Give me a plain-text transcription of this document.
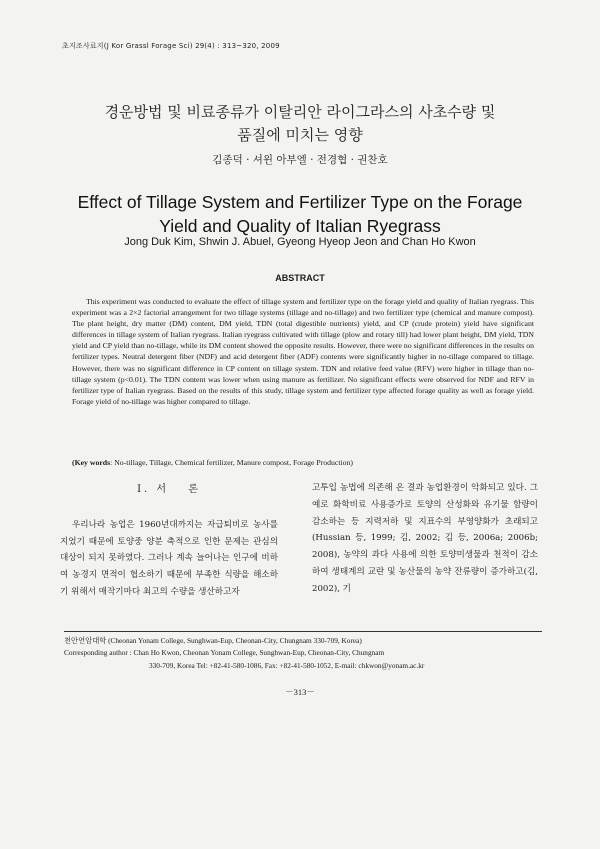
초지조사료지(J Kor Grassl Forage Sci) 29(4) : 313~320, 2009
경운방법 및 비료종류가 이탈리안 라이그라스의 사초수량 및
품질에 미치는 영향
김종덕 · 셔윈 아부엘 · 전경협 · 권찬호
Effect of Tillage System and Fertilizer Type on the Forage
Yield and Quality of Italian Ryegrass
Jong Duk Kim, Shwin J. Abuel, Gyeong Hyeop Jeon and Chan Ho Kwon
ABSTRACT

This experiment was conducted to evaluate the effect of tillage system and fertilizer type on the forage yield and quality of Italian ryegrass. This experiment was a 2×2 factorial arrangement for two tillage systems (tillage and no-tillage) and two fertilizer type (chemical and manure compost). The plant height, dry matter (DM) content, DM yield, TDN (total digestible nutrients) yield, and CP (crude protein) yield have significant differences in tillage system of Italian ryegrass. Italian ryegrass cultivated with tillage (plow and rotary till) had lower plant height, DM yield, TDN yield and CP yield than no-tillage, while its DM content showed the opposite results. However, there were no significant differences in the results on fertilizer types. Neutral detergent fiber (NDF) and acid detergent fiber (ADF) contents were significantly higher in no-tillage compared to tillage. However, there was no significant difference in CP content on tillage system. TDN and relative feed value (RFV) were higher in tillage than no-tillage system (p<0.01). The TDN content was lower when using manure as fertilizer. No significant effects were observed for NDF and RFV in fertilizer type of Italian ryegrass. Based on the results of this study, tillage system and fertilizer type affected forage quality as well as forage yield. Forage yield of no-tillage was higher compared to tillage.

(Key words: No-tillage, Tillage, Chemical fertilizer, Manure compost, Forage Production)
Ⅰ. 서　 론

우리나라 농업은 1960년대까지는 자급퇴비로 농사를 지었기 때문에 토양중 양분 축적으로 인한 문제는 관심의 대상이 되지 못하였다. 그러나 계속 늘어나는 인구에 비하여 농경지 면적이 협소하기 때문에 부족한 식량을 해소하기 위해서 매작기마다 최고의 수량을 생산하고자

고투입 농법에 의존해 온 결과 농업환경이 악화되고 있다. 그 예로 화학비료 사용증가로 토양의 산성화와 유기물 함량이 감소하는 등 지력저하 및 지표수의 부영양화가 초래되고 (Hussian 등, 1999; 김, 2002; 김 등, 2006a; 2006b; 2008), 농약의 과다 사용에 의한 토양미생물과 천적이 감소하여 생태계의 교란 및 농산물의 농약 잔류량이 증가하고(김, 2002), 기

천안연암대학 (Cheonan Yonam College, Sunghwan-Eup, Cheonan-City, Chungnam 330-709, Korea)
Corresponding author : Chan Ho Kwon, Cheonan Yonam College, Sunghwan-Eup, Cheonan-City, Chungnam
330-709, Korea Tel: +82-41-580-1086, Fax: +82-41-580-1052, E-mail: chkwon@yonam.ac.kr
－313－
